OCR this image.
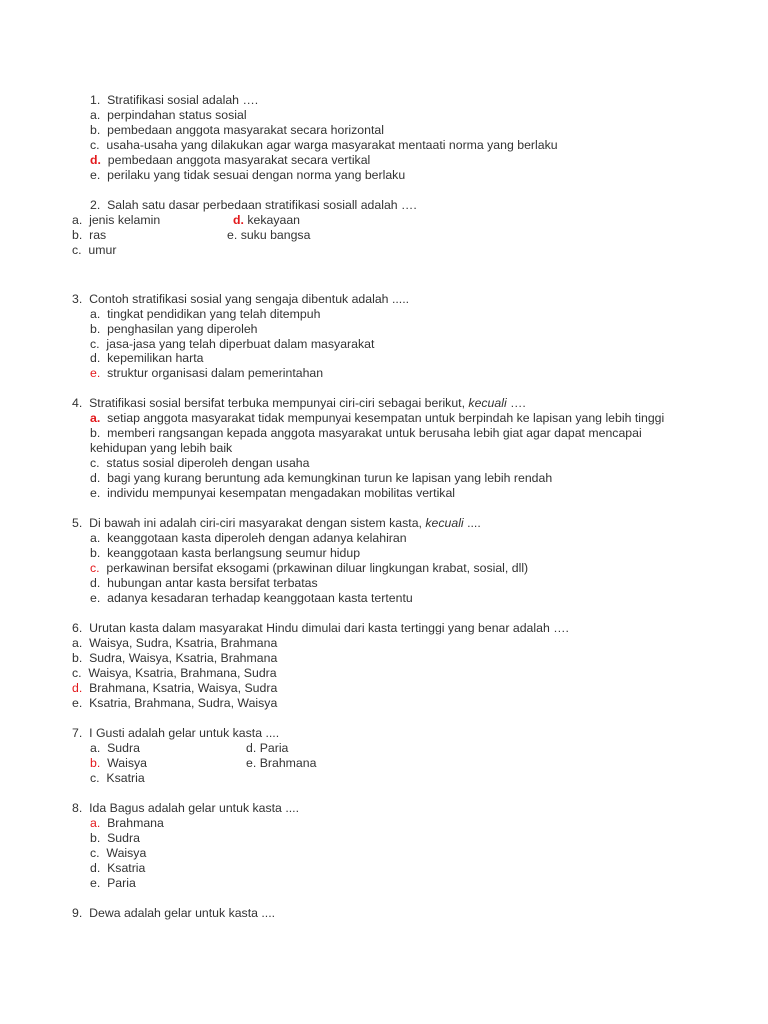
1. Stratifikasi sosial adalah ….
a. perpindahan status sosial
b. pembedaan anggota masyarakat secara horizontal
c. usaha-usaha yang dilakukan agar warga masyarakat mentaati norma yang berlaku
d. pembedaan anggota masyarakat secara vertikal
e. perilaku yang tidak sesuai dengan norma yang berlaku
2. Salah satu dasar perbedaan stratifikasi sosiall adalah ….
a. jenis kelamin
b. ras
c. umur
d. kekayaan
e. suku bangsa
3. Contoh stratifikasi sosial yang sengaja dibentuk adalah .....
a. tingkat pendidikan yang telah ditempuh
b. penghasilan yang diperoleh
c. jasa-jasa yang telah diperbuat dalam masyarakat
d. kepemilikan harta
e. struktur organisasi dalam pemerintahan
4. Stratifikasi sosial bersifat terbuka mempunyai ciri-ciri sebagai berikut, kecuali ….
a. setiap anggota masyarakat tidak mempunyai kesempatan untuk berpindah ke lapisan yang lebih tinggi
b. memberi rangsangan kepada anggota masyarakat untuk berusaha lebih giat agar dapat mencapai
kehidupan yang lebih baik
c. status sosial diperoleh dengan usaha
d. bagi yang kurang beruntung ada kemungkinan turun ke lapisan yang lebih rendah
e. individu mempunyai kesempatan mengadakan mobilitas vertikal
5. Di bawah ini adalah ciri-ciri masyarakat dengan sistem kasta, kecuali ....
a. keanggotaan kasta diperoleh dengan adanya kelahiran
b. keanggotaan kasta berlangsung seumur hidup
c. perkawinan bersifat eksogami (prkawinan diluar lingkungan krabat, sosial, dll)
d. hubungan antar kasta bersifat terbatas
e. adanya kesadaran terhadap keanggotaan kasta tertentu
6. Urutan kasta dalam masyarakat Hindu dimulai dari kasta tertinggi yang benar adalah ….
a. Waisya, Sudra, Ksatria, Brahmana
b. Sudra, Waisya, Ksatria, Brahmana
c. Waisya, Ksatria, Brahmana, Sudra
d. Brahmana, Ksatria, Waisya, Sudra
e. Ksatria, Brahmana, Sudra, Waisya
7. I Gusti adalah gelar untuk kasta ....
a. Sudra
b. Waisya
c. Ksatria
d. Paria
e. Brahmana
8. Ida Bagus adalah gelar untuk kasta ....
a. Brahmana
b. Sudra
c. Waisya
d. Ksatria
e. Paria
9. Dewa adalah gelar untuk kasta ....
